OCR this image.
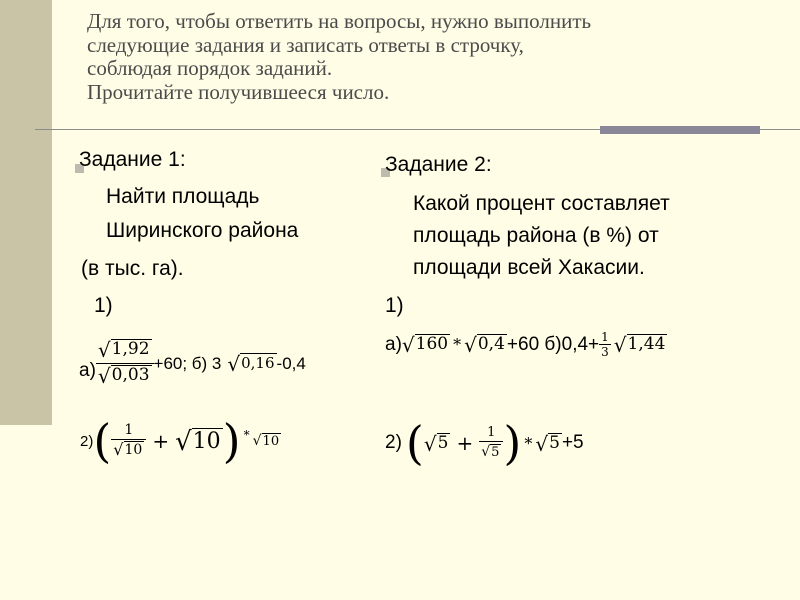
Для того, чтобы ответить на вопросы, нужно выполнить
следующие задания и записать ответы в строчку,
соблюдая порядок заданий.
Прочитайте получившееся число.
Задание 1:
Найти площадь
Ширинского района
(в тыс. га).
1)
$а) \frac{√ 1,92}{√ 0,03} +60$; б) 3 √ 0,16 -0,4
2) ( $\frac{1}{√ 10}$ + √ 10 ) * √ 10
Задание 2:
Какой процент составляет
площадь района (в %) от
площади всей Хакасии.
1)
а) √ 160 * √ 0,4 +60 $б)0,4+ \frac{1}{3}$ √ 1,44
2) ( √ $5 + \frac{1}{√ 5}$ ) * √ 5 +5
